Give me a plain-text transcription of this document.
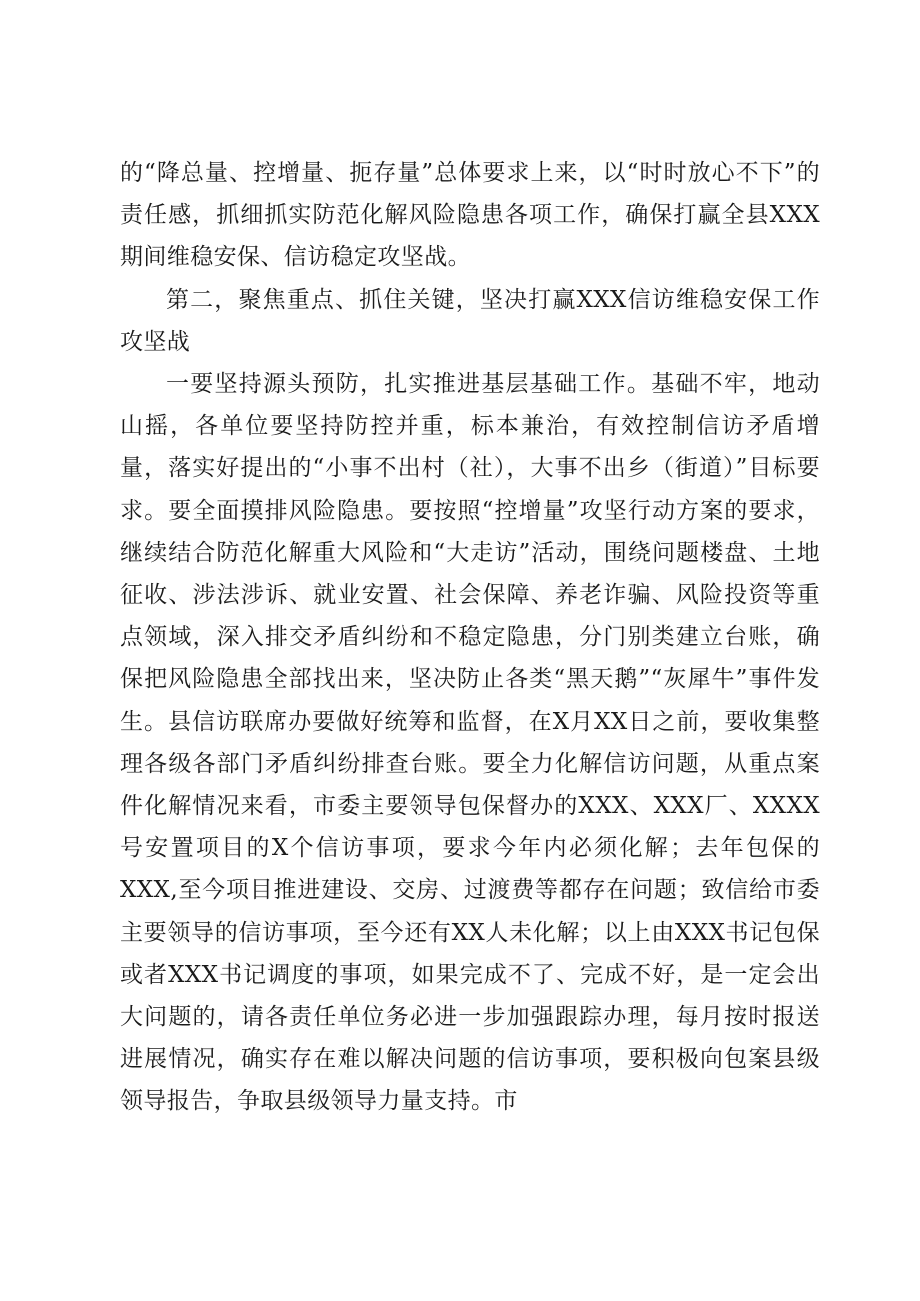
的“降总量、控增量、扼存量”总体要求上来，以“时时放心不下”的责任感，抓细抓实防范化解风险隐患各项工作，确保打赢全县XXX期间维稳安保、信访稳定攻坚战。

第二，聚焦重点、抓住关键，坚决打赢XXX信访维稳安保工作攻坚战

一要坚持源头预防，扎实推进基层基础工作。基础不牢，地动山摇，各单位要坚持防控并重，标本兼治，有效控制信访矛盾增量，落实好提出的“小事不出村（社），大事不出乡（街道）”目标要求。要全面摸排风险隐患。要按照“控增量”攻坚行动方案的要求，继续结合防范化解重大风险和“大走访”活动，围绕问题楼盘、土地征收、涉法涉诉、就业安置、社会保障、养老诈骗、风险投资等重点领域，深入排交矛盾纠纷和不稳定隐患，分门别类建立台账，确保把风险隐患全部找出来，坚决防止各类“黑天鹅”“灰犀牛”事件发生。县信访联席办要做好统筹和监督，在X月XX日之前，要收集整理各级各部门矛盾纠纷排查台账。要全力化解信访问题，从重点案件化解情况来看，市委主要领导包保督办的XXX、XXX厂、XXXX号安置项目的X个信访事项，要求今年内必须化解；去年包保的XXX,至今项目推进建设、交房、过渡费等都存在问题；致信给市委主要领导的信访事项，至今还有XX人未化解；以上由XXX书记包保或者XXX书记调度的事项，如果完成不了、完成不好，是一定会出大问题的，请各责任单位务必进一步加强跟踪办理，每月按时报送进展情况，确实存在难以解决问题的信访事项，要积极向包案县级领导报告，争取县级领导力量支持。市
